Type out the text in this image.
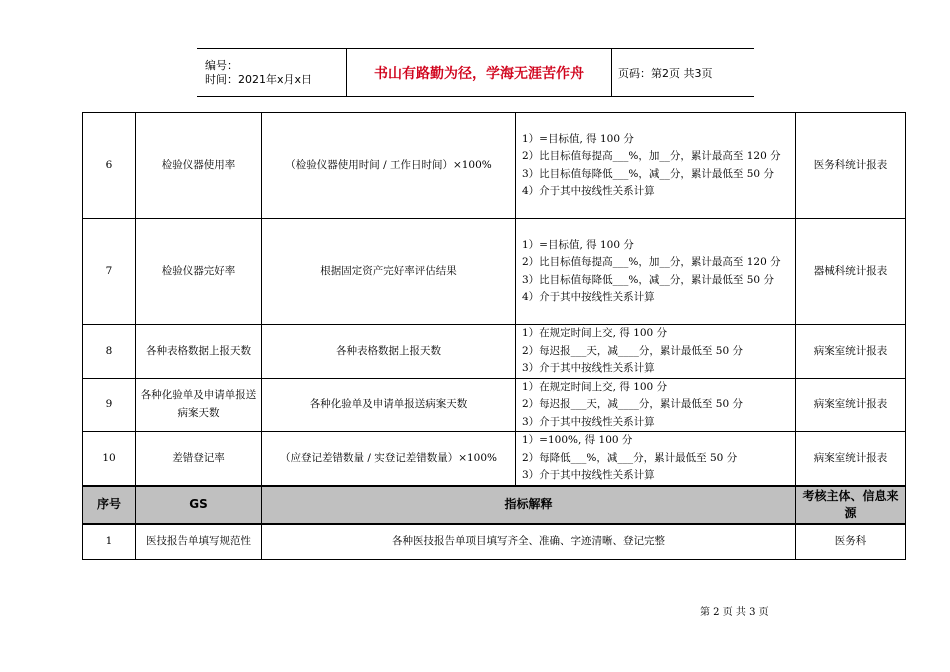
编号：
时间：2021年x月x日	书山有路勤为径，学海无涯苦作舟	页码：第2页 共3页
6	检验仪器使用率	（检验仪器使用时间 / 工作日时间）×100%	1）=目标值, 得 100 分
2）比目标值每提高___%，加__分，累计最高至 120 分
3）比目标值每降低___%，减__分，累计最低至 50 分
4）介于其中按线性关系计算	医务科统计报表
7	检验仪器完好率	根据固定资产完好率评估结果	1）=目标值, 得 100 分
2）比目标值每提高___%，加__分，累计最高至 120 分
3）比目标值每降低___%，减__分，累计最低至 50 分
4）介于其中按线性关系计算	器械科统计报表
8	各种表格数据上报天数	各种表格数据上报天数	1）在规定时间上交, 得 100 分
2）每迟报___天，减____分，累计最低至 50 分
3）介于其中按线性关系计算	病案室统计报表
9	各种化验单及申请单报送病案天数	各种化验单及申请单报送病案天数	1）在规定时间上交, 得 100 分
2）每迟报___天，减____分，累计最低至 50 分
3）介于其中按线性关系计算	病案室统计报表
10	差错登记率	（应登记差错数量 / 实登记差错数量）×100%	1）=100%, 得 100 分
2）每降低___%，减___分，累计最低至 50 分
3）介于其中按线性关系计算	病案室统计报表
序号	GS	指标解释		考核主体、信息来源
1	医技报告单填写规范性	各种医技报告单项目填写齐全、准确、字迹清晰、登记完整		医务科
第 2 页 共 3 页
